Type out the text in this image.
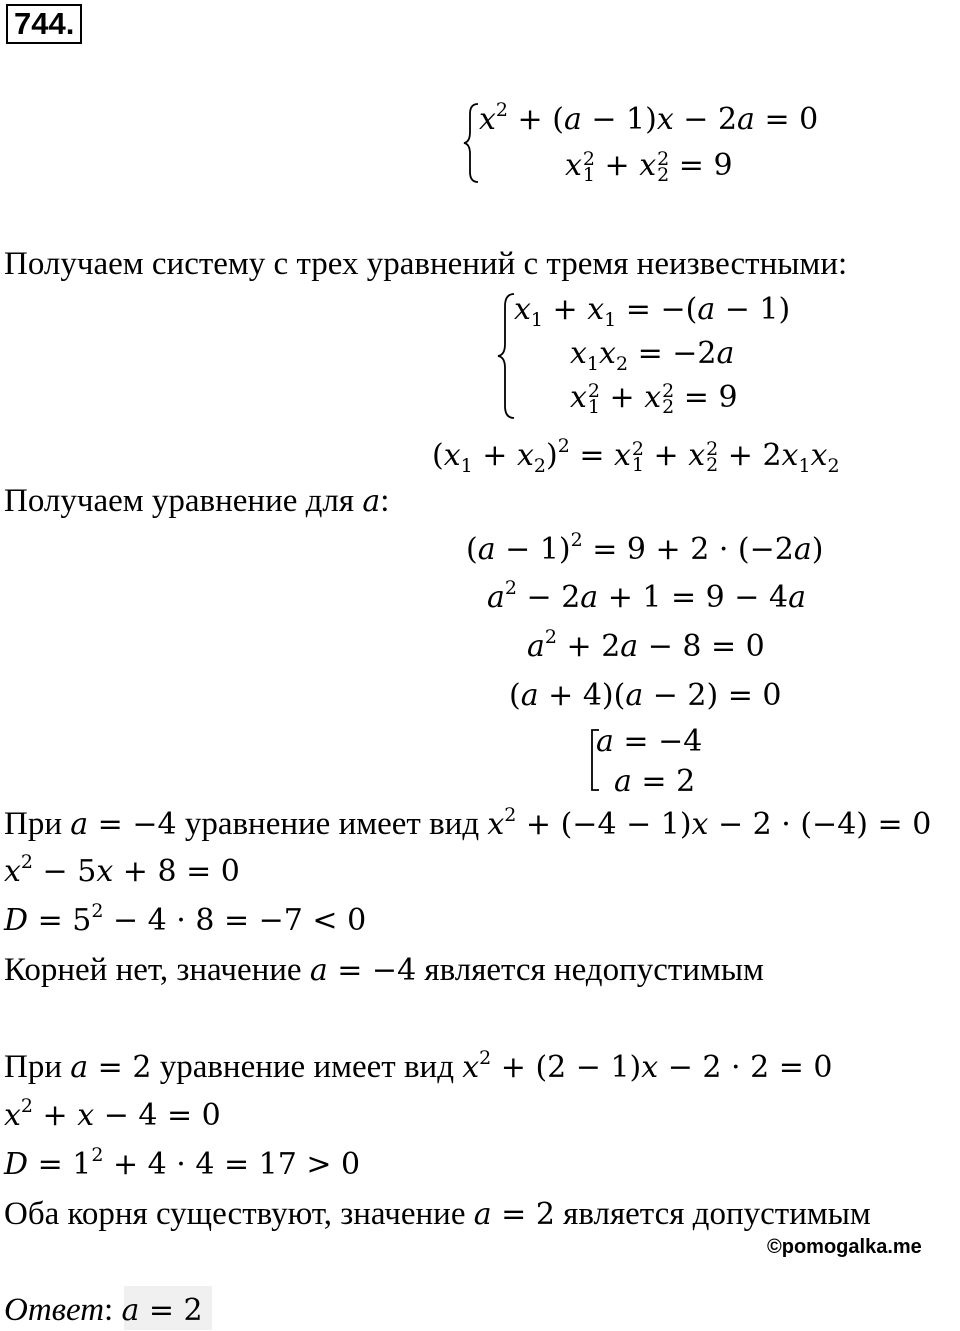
744.
$x^2 + (a - 1)x - 2a = 0$
x 2
1 + x 2
2 = 9
Получаем систему с трех уравнений с тремя неизвестными:
$x_1 + x_1 = -(a - 1)$
$x_1x_2 = -2a$
x 2
1 + x 2
2 = 9
$(x_1 + x_2)^2 = x$ 2
1 + x 2
$2 + 2x_1x_2$
Получаем уравнение для a:
$(a - 1)^2 = 9 + 2 \cdot (-2a)$
$a^2 - 2a + 1 = 9 - 4a$
$a^2 + 2a - 8 = 0$
(a + 4)(a − 2) = 0
a = −4
a = 2
При a = −4 уравнение имеет вид $x^2 + (-4 - 1)x - 2 \cdot (-4) = 0$
$x^2 - 5x + 8 = 0$
$D = 5^2 - 4 \cdot 8 = -7 < 0$
Корней нет, значение a = −4 является недопустимым
При a = 2 уравнение имеет вид $x^2 + (2 - 1)x - 2 \cdot 2 = 0$
$x^2 + x - 4 = 0$
$D = 1^2 + 4 \cdot 4 = 17 > 0$
Оба корня существуют, значение a = 2 является допустимым
©pomogalka.me
Ответ: a = 2
